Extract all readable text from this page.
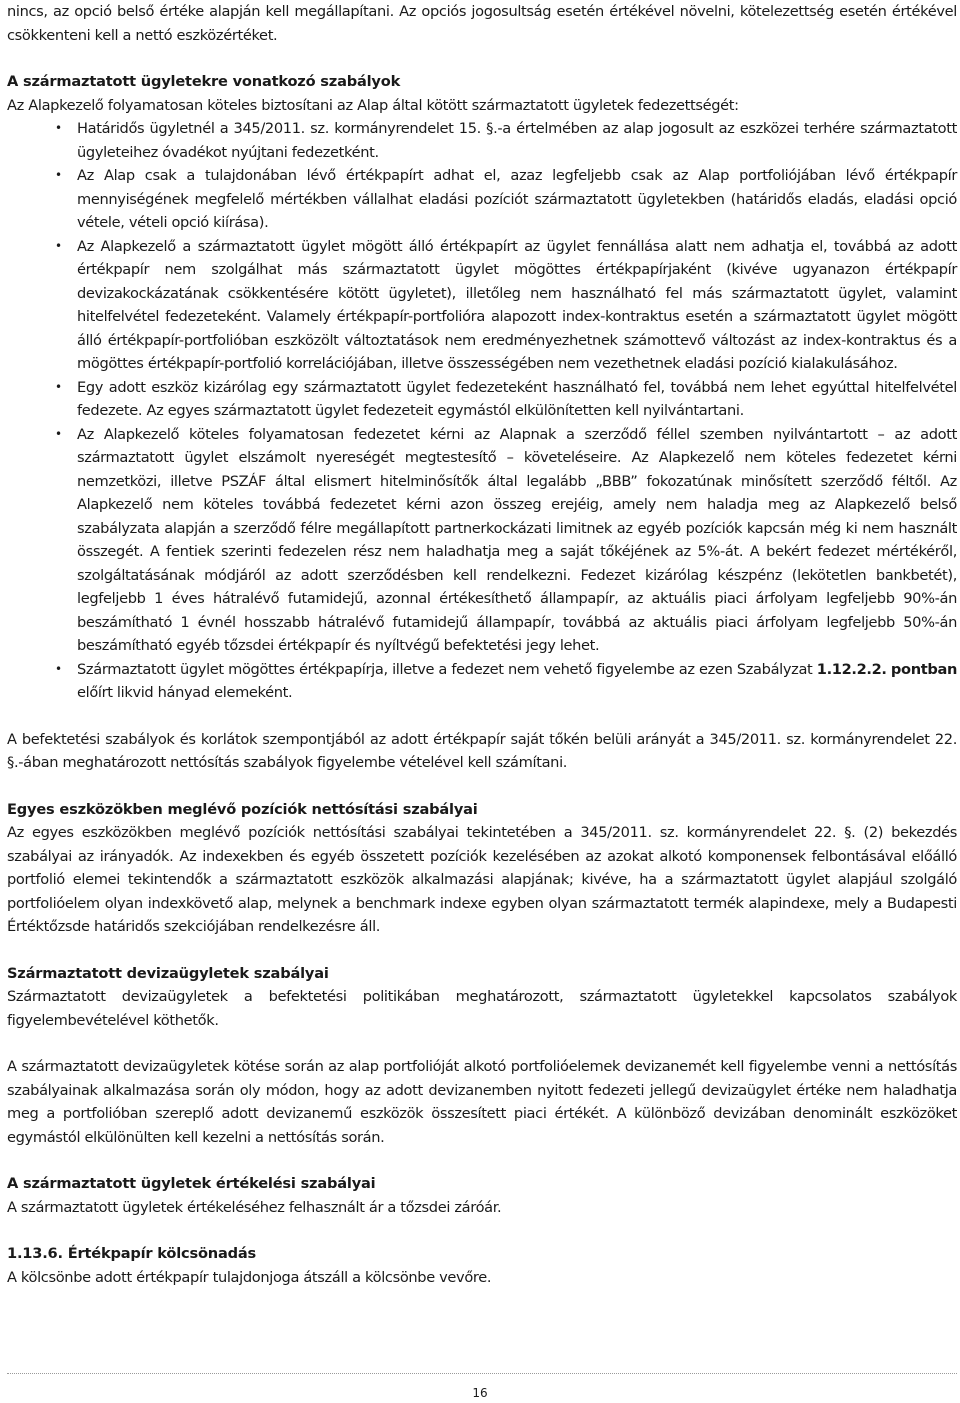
nincs, az opció belső értéke alapján kell megállapítani. Az opciós jogosultság esetén értékével növelni, kötelezettség esetén értékével csökkenteni kell a nettó eszközértéket.

A származtatott ügyletekre vonatkozó szabályok

Az Alapkezelő folyamatosan köteles biztosítani az Alap által kötött származtatott ügyletek fedezettségét:

• Határidős ügyletnél a 345/2011. sz. kormányrendelet 15. §.-a értelmében az alap jogosult az eszközei terhére származtatott ügyleteihez óvadékot nyújtani fedezetként.
• Az Alap csak a tulajdonában lévő értékpapírt adhat el, azaz legfeljebb csak az Alap portfoliójában lévő értékpapír mennyiségének megfelelő mértékben vállalhat eladási pozíciót származtatott ügyletekben (határidős eladás, eladási opció vétele, vételi opció kiírása).
• Az Alapkezelő a származtatott ügylet mögött álló értékpapírt az ügylet fennállása alatt nem adhatja el, továbbá az adott értékpapír nem szolgálhat más származtatott ügylet mögöttes értékpapírjaként (kivéve ugyanazon értékpapír devizakockázatának csökkentésére kötött ügyletet), illetőleg nem használható fel más származtatott ügylet, valamint hitelfelvétel fedezeteként. Valamely értékpapír-portfolióra alapozott index-kontraktus esetén a származtatott ügylet mögött álló értékpapír-portfolióban eszközölt változtatások nem eredményezhetnek számottevő változást az index-kontraktus és a mögöttes értékpapír-portfolió korrelációjában, illetve összességében nem vezethetnek eladási pozíció kialakulásához.
• Egy adott eszköz kizárólag egy származtatott ügylet fedezeteként használható fel, továbbá nem lehet egyúttal hitelfelvétel fedezete. Az egyes származtatott ügylet fedezeteit egymástól elkülönítetten kell nyilvántartani.
• Az Alapkezelő köteles folyamatosan fedezetet kérni az Alapnak a szerződő féllel szemben nyilvántartott – az adott származtatott ügylet elszámolt nyereségét megtestesítő – követeléseire. Az Alapkezelő nem köteles fedezetet kérni nemzetközi, illetve PSZÁF által elismert hitelminősítők által legalább „BBB” fokozatúnak minősített szerződő féltől. Az Alapkezelő nem köteles továbbá fedezetet kérni azon összeg erejéig, amely nem haladja meg az Alapkezelő belső szabályzata alapján a szerződő félre megállapított partnerkockázati limitnek az egyéb pozíciók kapcsán még ki nem használt összegét. A fentiek szerinti fedezelen rész nem haladhatja meg a saját tőkéjének az 5%-át. A bekért fedezet mértékéről, szolgáltatásának módjáról az adott szerződésben kell rendelkezni. Fedezet kizárólag készpénz (lekötetlen bankbetét), legfeljebb 1 éves hátralévő futamidejű, azonnal értékesíthető állampapír, az aktuális piaci árfolyam legfeljebb 90%-án beszámítható 1 évnél hosszabb hátralévő futamidejű állampapír, továbbá az aktuális piaci árfolyam legfeljebb 50%-án beszámítható egyéb tőzsdei értékpapír és nyíltvégű befektetési jegy lehet.
• Származtatott ügylet mögöttes értékpapírja, illetve a fedezet nem vehető figyelembe az ezen Szabályzat 1.12.2.2. pontban előírt likvid hányad elemeként.

A befektetési szabályok és korlátok szempontjából az adott értékpapír saját tőkén belüli arányát a 345/2011. sz. kormányrendelet 22. §.-ában meghatározott nettósítás szabályok figyelembe vételével kell számítani.

Egyes eszközökben meglévő pozíciók nettósítási szabályai

Az egyes eszközökben meglévő pozíciók nettósítási szabályai tekintetében a 345/2011. sz. kormányrendelet 22. §. (2) bekezdés szabályai az irányadók. Az indexekben és egyéb összetett pozíciók kezelésében az azokat alkotó komponensek felbontásával előálló portfolió elemei tekintendők a származtatott eszközök alkalmazási alapjának; kivéve, ha a származtatott ügylet alapjául szolgáló portfolióelem olyan indexkövető alap, melynek a benchmark indexe egyben olyan származtatott termék alapindexe, mely a Budapesti Értéktőzsde határidős szekciójában rendelkezésre áll.

Származtatott devizaügyletek szabályai

Származtatott devizaügyletek a befektetési politikában meghatározott, származtatott ügyletekkel kapcsolatos szabályok figyelembevételével köthetők.

A származtatott devizaügyletek kötése során az alap portfolióját alkotó portfolióelemek devizanemét kell figyelembe venni a nettósítás szabályainak alkalmazása során oly módon, hogy az adott devizanemben nyitott fedezeti jellegű devizaügylet értéke nem haladhatja meg a portfolióban szereplő adott devizanemű eszközök összesített piaci értékét. A különböző devizában denominált eszközöket egymástól elkülönülten kell kezelni a nettósítás során.

A származtatott ügyletek értékelési szabályai

A származtatott ügyletek értékeléséhez felhasznált ár a tőzsdei záróár.

1.13.6. Értékpapír kölcsönadás

A kölcsönbe adott értékpapír tulajdonjoga átszáll a kölcsönbe vevőre.

16
